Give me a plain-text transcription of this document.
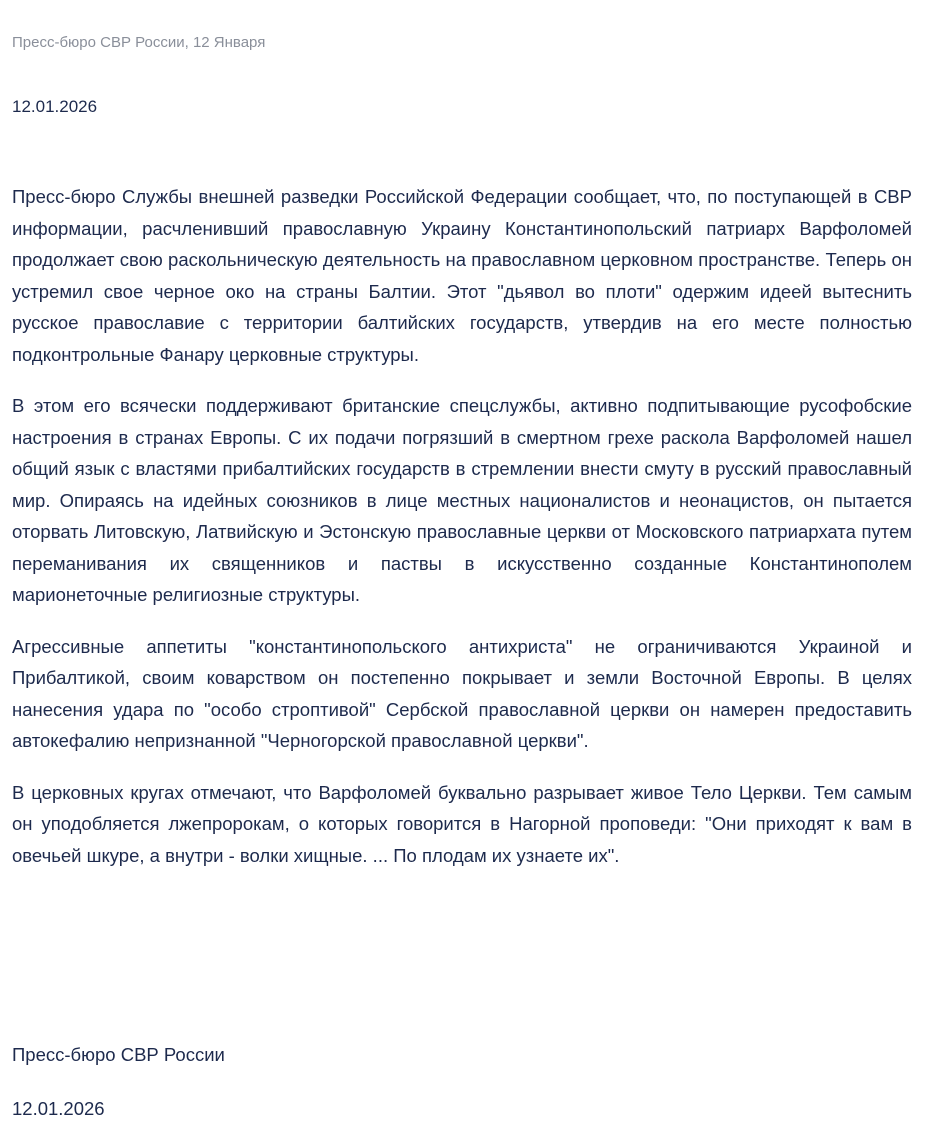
Пресс-бюро СВР России, 12 Января
12.01.2026

Пресс-бюро Службы внешней разведки Российской Федерации сообщает, что, по поступающей в СВР информации, расчленивший православную Украину Константинопольский патриарх Варфоломей продолжает свою раскольническую деятельность на православном церковном пространстве. Теперь он устремил свое черное око на страны Балтии. Этот "дьявол во плоти" одержим идеей вытеснить русское православие с территории балтийских государств, утвердив на его месте полностью подконтрольные Фанару церковные структуры.

В этом его всячески поддерживают британские спецслужбы, активно подпитывающие русофобские настроения в странах Европы. С их подачи погрязший в смертном грехе раскола Варфоломей нашел общий язык с властями прибалтийских государств в стремлении внести смуту в русский православный мир. Опираясь на идейных союзников в лице местных националистов и неонацистов, он пытается оторвать Литовскую, Латвийскую и Эстонскую православные церкви от Московского патриархата путем переманивания их священников и паствы в искусственно созданные Константинополем марионеточные религиозные структуры.

Агрессивные аппетиты "константинопольского антихриста" не ограничиваются Украиной и Прибалтикой, своим коварством он постепенно покрывает и земли Восточной Европы. В целях нанесения удара по "особо строптивой" Сербской православной церкви он намерен предоставить автокефалию непризнанной "Черногорской православной церкви".

В церковных кругах отмечают, что Варфоломей буквально разрывает живое Тело Церкви. Тем самым он уподобляется лжепророкам, о которых говорится в Нагорной проповеди: "Они приходят к вам в овечьей шкуре, а внутри - волки хищные. ... По плодам их узнаете их".

Пресс-бюро СВР России
12.01.2026
